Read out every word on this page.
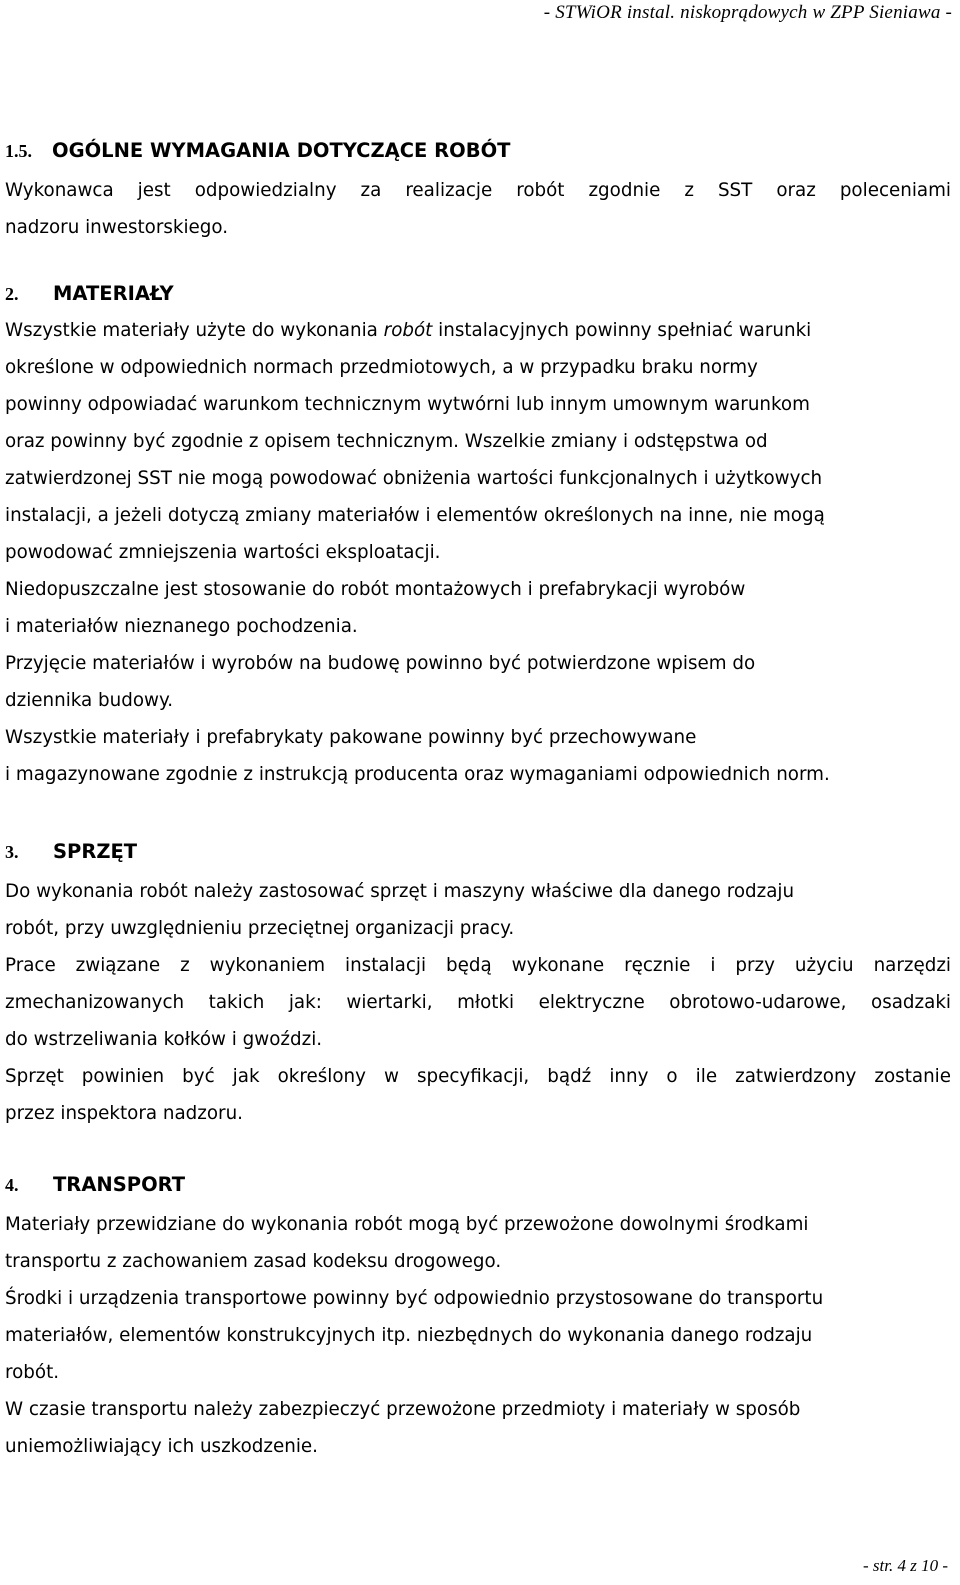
- STWiOR instal. niskoprądowych w ZPP Sieniawa -
1.5. OGÓLNE WYMAGANIA DOTYCZĄCE ROBÓT
Wykonawca jest odpowiedzialny za realizacje robót zgodnie z SST oraz poleceniami
nadzoru inwestorskiego.
2. MATERIAŁY
Wszystkie materiały użyte do wykonania robót instalacyjnych powinny spełniać warunki
określone w odpowiednich normach przedmiotowych, a w przypadku braku normy
powinny odpowiadać warunkom technicznym wytwórni lub innym umownym warunkom
oraz powinny być zgodnie z opisem technicznym. Wszelkie zmiany i odstępstwa od
zatwierdzonej SST nie mogą powodować obniżenia wartości funkcjonalnych i użytkowych
instalacji, a jeżeli dotyczą zmiany materiałów i elementów określonych na inne, nie mogą
powodować zmniejszenia wartości eksploatacji.
Niedopuszczalne jest stosowanie do robót montażowych i prefabrykacji wyrobów
i materiałów nieznanego pochodzenia.
Przyjęcie materiałów i wyrobów na budowę powinno być potwierdzone wpisem do
dziennika budowy.
Wszystkie materiały i prefabrykaty pakowane powinny być przechowywane
i magazynowane zgodnie z instrukcją producenta oraz wymaganiami odpowiednich norm.
3. SPRZĘT
Do wykonania robót należy zastosować sprzęt i maszyny właściwe dla danego rodzaju
robót, przy uwzględnieniu przeciętnej organizacji pracy.
Prace związane z wykonaniem instalacji będą wykonane ręcznie i przy użyciu narzędzi
zmechanizowanych takich jak: wiertarki, młotki elektryczne obrotowo-udarowe, osadzaki
do wstrzeliwania kołków i gwoździ.
Sprzęt powinien być jak określony w specyfikacji, bądź inny o ile zatwierdzony zostanie
przez inspektora nadzoru.
4. TRANSPORT
Materiały przewidziane do wykonania robót mogą być przewożone dowolnymi środkami
transportu z zachowaniem zasad kodeksu drogowego.
Środki i urządzenia transportowe powinny być odpowiednio przystosowane do transportu
materiałów, elementów konstrukcyjnych itp. niezbędnych do wykonania danego rodzaju
robót.
W czasie transportu należy zabezpieczyć przewożone przedmioty i materiały w sposób
uniemożliwiający ich uszkodzenie.
- str. 4 z 10 -
